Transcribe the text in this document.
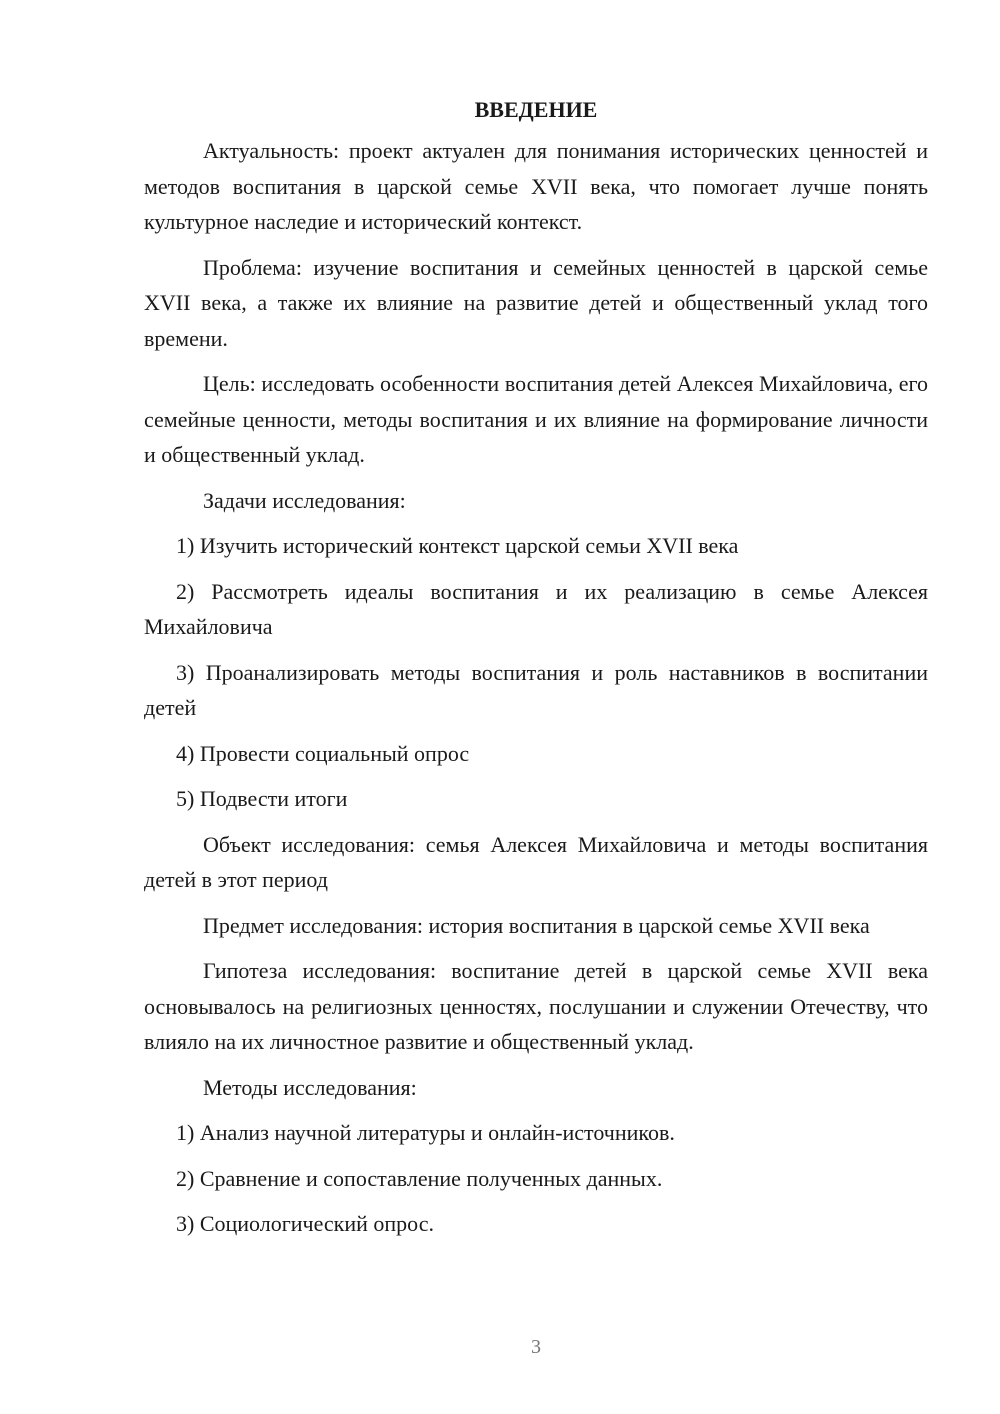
ВВЕДЕНИЕ

Актуальность: проект актуален для понимания исторических ценностей и методов воспитания в царской семье XVII века, что помогает лучше понять культурное наследие и исторический контекст.

Проблема: изучение воспитания и семейных ценностей в царской семье XVII века, а также их влияние на развитие детей и общественный уклад того времени.

Цель: исследовать особенности воспитания детей Алексея Михайловича, его семейные ценности, методы воспитания и их влияние на формирование личности и общественный уклад.

Задачи исследования:

1) Изучить исторический контекст царской семьи XVII века

2) Рассмотреть идеалы воспитания и их реализацию в семье Алексея Михайловича

3) Проанализировать методы воспитания и роль наставников в воспитании детей

4) Провести социальный опрос

5) Подвести итоги

Объект исследования: семья Алексея Михайловича и методы воспитания детей в этот период

Предмет исследования: история воспитания в царской семье XVII века

Гипотеза исследования: воспитание детей в царской семье XVII века основывалось на религиозных ценностях, послушании и служении Отечеству, что влияло на их личностное развитие и общественный уклад.

Методы исследования:

1) Анализ научной литературы и онлайн-источников.

2) Сравнение и сопоставление полученных данных.

3) Социологический опрос.

3
